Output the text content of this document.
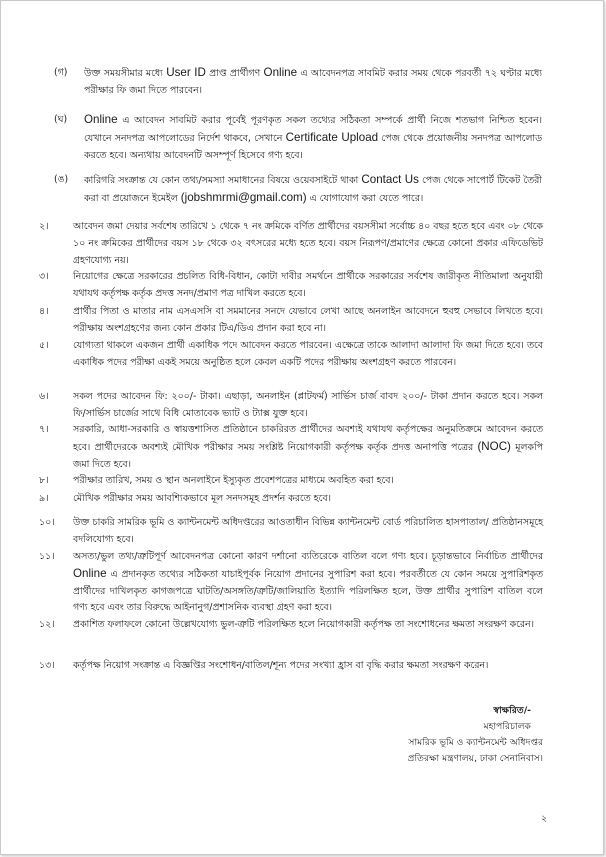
(গ) উক্ত সময়সীমার মধ্যে User ID প্রাপ্ত প্রার্থীগণ Online এ আবেদনপত্র সাবমিট করার সময় থেকে পরবর্তী ৭২ ঘণ্টার মধ্যে পরীক্ষার ফি জমা দিতে পারবেন।

(ঘ) Online এ আবেদন সাবমিট করার পূর্বেই পূরণকৃত সকল তথ্যের সঠিকতা সম্পর্কে প্রার্থী নিজে শতভাগ নিশ্চিত হবেন। যেখানে সনদপত্র আপলোডের নির্দেশ থাকবে, সেখানে Certificate Upload পেজ থেকে প্রয়োজনীয় সনদপত্র আপলোড করতে হবে। অন্যথায় আবেদনটি অসম্পূর্ণ হিসেবে গণ্য হবে।

(ঙ) কারিগরি সংক্রান্ত যে কোন তথ্য/সমস্যা সমাধানের বিষয়ে ওয়েবসাইটে থাকা Contact Us পেজ থেকে সাপোর্ট টিকেট তৈরী করা বা প্রয়োজনে ইমেইল (jobshmrmi@gmail.com) এ যোগাযোগ করা যেতে পারে।

২।	আবেদন জমা দেয়ার সর্বশেষ তারিখে ১ থেকে ৭ নং ক্রমিকে বর্ণিত প্রার্থীদের বয়সসীমা সর্বোচ্চ ৪০ বছর হতে হবে এবং ০৮ থেকে ১০ নং ক্রমিকের প্রার্থীদের বয়স ১৮ থেকে ৩২ বৎসরের মধ্যে হতে হবে। বয়স নিরূপণ/প্রমাণের ক্ষেত্রে কোনো প্রকার এফিডেভিট গ্রহণযোগ্য নয়।

৩।	নিয়োগের ক্ষেত্রে সরকারের প্রচলিত বিধি-বিধান, কোটা দাবীর সমর্থনে প্রার্থীকে সরকারের সর্বশেষ জারীকৃত নীতিমালা অনুযায়ী যথাযথ কর্তৃপক্ষ কর্তৃক প্রদত্ত সনদ/প্রমাণ পত্র দাখিল করতে হবে।

৪।	প্রার্থীর পিতা ও মাতার নাম এসএসসি বা সমমানের সনদে যেভাবে লেখা আছে অনলাইন আবেদনে হুবহু সেভাবে লিখতে হবে। পরীক্ষায় অংশগ্রহণের জন্য কোন প্রকার টিএ/ডিএ প্রদান করা হবে না।

৫।	যোগ্যতা থাকলে একজন প্রার্থী একাধিক পদে আবেদন করতে পারবেন। এক্ষেত্রে তাকে আলাদা আলাদা ফি জমা দিতে হবে। তবে একাধিক পদের পরীক্ষা একই সময়ে অনুষ্ঠিত হলে কেবল একটি পদের পরীক্ষায় অংশগ্রহণ করতে পারবেন।

৬।	সকল পদের আবেদন ফি: ২০০/- টাকা। এছাড়া, অনলাইন (প্লাটফর্ম) সার্ভিস চার্জ বাবদ ২০০/- টাকা প্রদান করতে হবে। সকল ফি/সার্ভিস চার্জের সাথে বিধি মোতাবেক ভ্যাট ও ট্যাক্স যুক্ত হবে।

৭।	সরকারি, আধা-সরকারি ও স্বায়ত্তশাসিত প্রতিষ্ঠানে চাকরিরত প্রার্থীদের অবশ্যই যথাযথ কর্তৃপক্ষের অনুমতিক্রমে আবেদন করতে হবে। প্রার্থীদেরকে অবশ্যই মৌখিক পরীক্ষার সময় সংশ্লিষ্ট নিয়োগকারী কর্তৃপক্ষ কর্তৃক প্রদত্ত অনাপত্তি পত্রের (NOC) মূলকপি জমা দিতে হবে।

৮।	পরীক্ষার তারিখ, সময় ও স্থান অনলাইনে ইস্যুকৃত প্রবেশপত্রের মাধ্যমে অবহিত করা হবে।

৯।	মৌখিক পরীক্ষার সময় আবশ্যিকভাবে মূল সনদসমূহ প্রদর্শন করতে হবে।

১০।	উক্ত চাকরি সামরিক ভূমি ও ক্যান্টনমেন্ট অধিদপ্তরের আওতাধীন বিভিন্ন ক্যান্টনমেন্ট বোর্ড পরিচালিত হাসপাতাল/ প্রতিষ্ঠানসমূহে বদলিযোগ্য হবে।

১১।	অসত্য/ভুল তথ্য/ত্রুটিপূর্ণ আবেদনপত্র কোনো কারণ দর্শানো ব্যতিরেকে বাতিল বলে গণ্য হবে। চূড়ান্তভাবে নির্বাচিত প্রার্থীদের Online এ প্রদানকৃত তথ্যের সঠিকতা যাচাইপূর্বক নিয়োগ প্রদানের সুপারিশ করা হবে। পরবর্তীতে যে কোন সময়ে সুপারিশকৃত প্রার্থীদের দাখিলকৃত কাগজপত্রে ঘাটতি/অসঙ্গতি/ত্রুটি/জালিয়াতি ইত্যাদি পরিলক্ষিত হলে, উক্ত প্রার্থীর সুপারিশ বাতিল বলে গণ্য হবে এবং তার বিরুদ্ধে আইনানুগ/প্রশাসনিক ব্যবস্থা গ্রহণ করা হবে।

১২।	প্রকাশিত ফলাফলে কোনো উল্লেখযোগ্য ভুল-ত্রুটি পরিলক্ষিত হলে নিয়োগকারী কর্তৃপক্ষ তা সংশোধনের ক্ষমতা সংরক্ষণ করেন।

১৩।	কর্তৃপক্ষ নিয়োগ সংক্রান্ত এ বিজ্ঞপ্তির সংশোধন/বাতিল/শূন্য পদের সংখ্যা হ্রাস বা বৃদ্ধি করার ক্ষমতা সংরক্ষণ করেন।

স্বাক্ষরিত/-
মহাপরিচালক
সামরিক ভূমি ও ক্যান্টনমেন্ট অধিদপ্তর
প্রতিরক্ষা মন্ত্রণালয়, ঢাকা সেনানিবাস।
২
